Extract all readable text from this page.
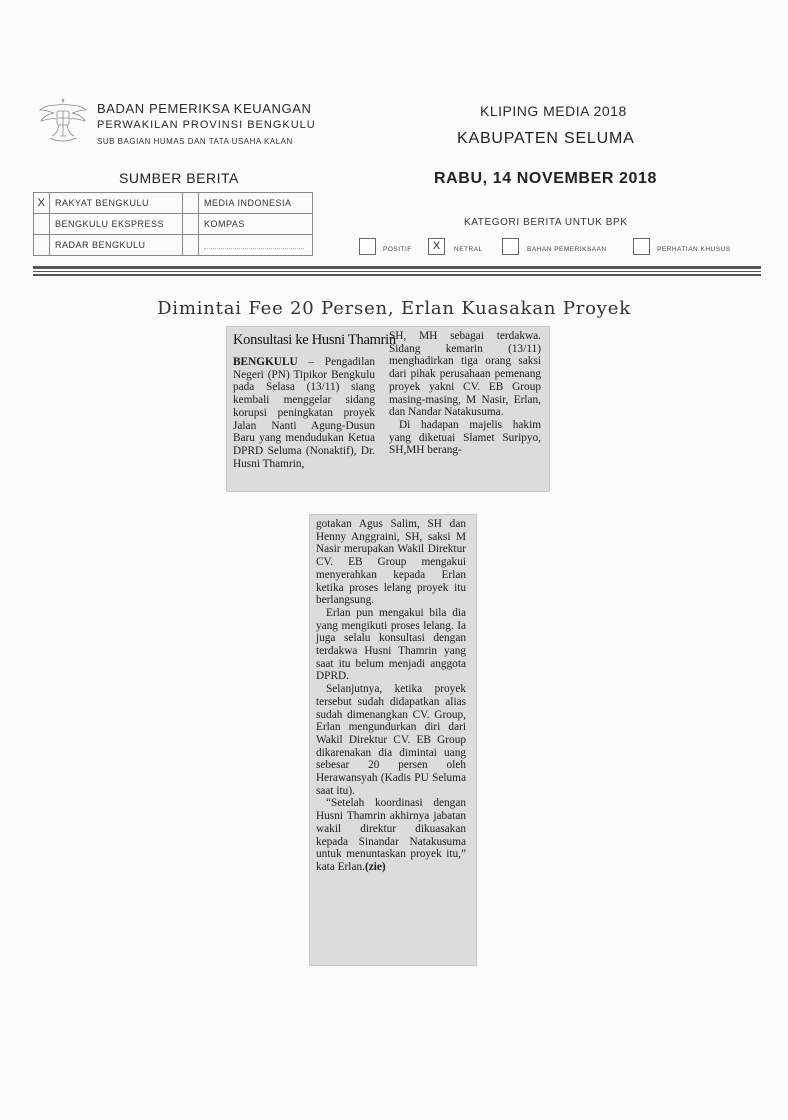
BADAN PEMERIKSA KEUANGAN
PERWAKILAN PROVINSI BENGKULU
SUB BAGIAN HUMAS DAN TATA USAHA KALAN
KLIPING MEDIA 2018
KABUPATEN SELUMA
SUMBER BERITA	RABU, 14 NOVEMBER 2018
X	RAKYAT BENGKULU		MEDIA INDONESIA
	BENGKULU EKSPRESS		KOMPAS
	RADAR BENGKULU		
KATEGORI BERITA UNTUK BPK
POSITIF	X	NETRAL	BAHAN PEMERIKSAAN	PERHATIAN KHUSUS
Dimintai Fee 20 Persen, Erlan Kuasakan Proyek
Konsultasi ke Husni Thamrin

BENGKULU – Pengadilan Negeri (PN) Tipikor Bengkulu pada Selasa (13/11) siang kembali menggelar sidang korupsi peningkatan proyek Jalan Nanti Agung-Dusun Baru yang mendudukan Ketua DPRD Seluma (Nonaktif), Dr. Husni Thamrin,

SH, MH sebagai terdakwa. Sidang kemarin (13/11) menghadirkan tiga orang saksi dari pihak perusahaan pemenang proyek yakni CV. EB Group masing-masing, M Nasir, Erlan, dan Nandar Natakusuma.

Di hadapan majelis hakim yang diketuai Slamet Suripyo, SH,MH berang-

gotakan Agus Salim, SH dan Henny Anggraini, SH, saksi M Nasir merupakan Wakil Direktur CV. EB Group mengakui menyerahkan kepada Erlan ketika proses lelang proyek itu berlangsung.

Erlan pun mengakui bila dia yang mengikuti proses lelang. Ia juga selalu konsultasi dengan terdakwa Husni Thamrin yang saat itu belum menjadi anggota DPRD.

Selanjutnya, ketika proyek tersebut sudah didapatkan alias sudah dimenangkan CV. Group, Erlan mengundurkan diri dari Wakil Direktur CV. EB Group dikarenakan dia dimintai uang sebesar 20 persen oleh Herawansyah (Kadis PU Seluma saat itu).

“Setelah koordinasi dengan Husni Thamrin akhirnya jabatan wakil direktur dikuasakan kepada Sinandar Natakusuma untuk menuntaskan proyek itu,” kata Erlan.(zie)
